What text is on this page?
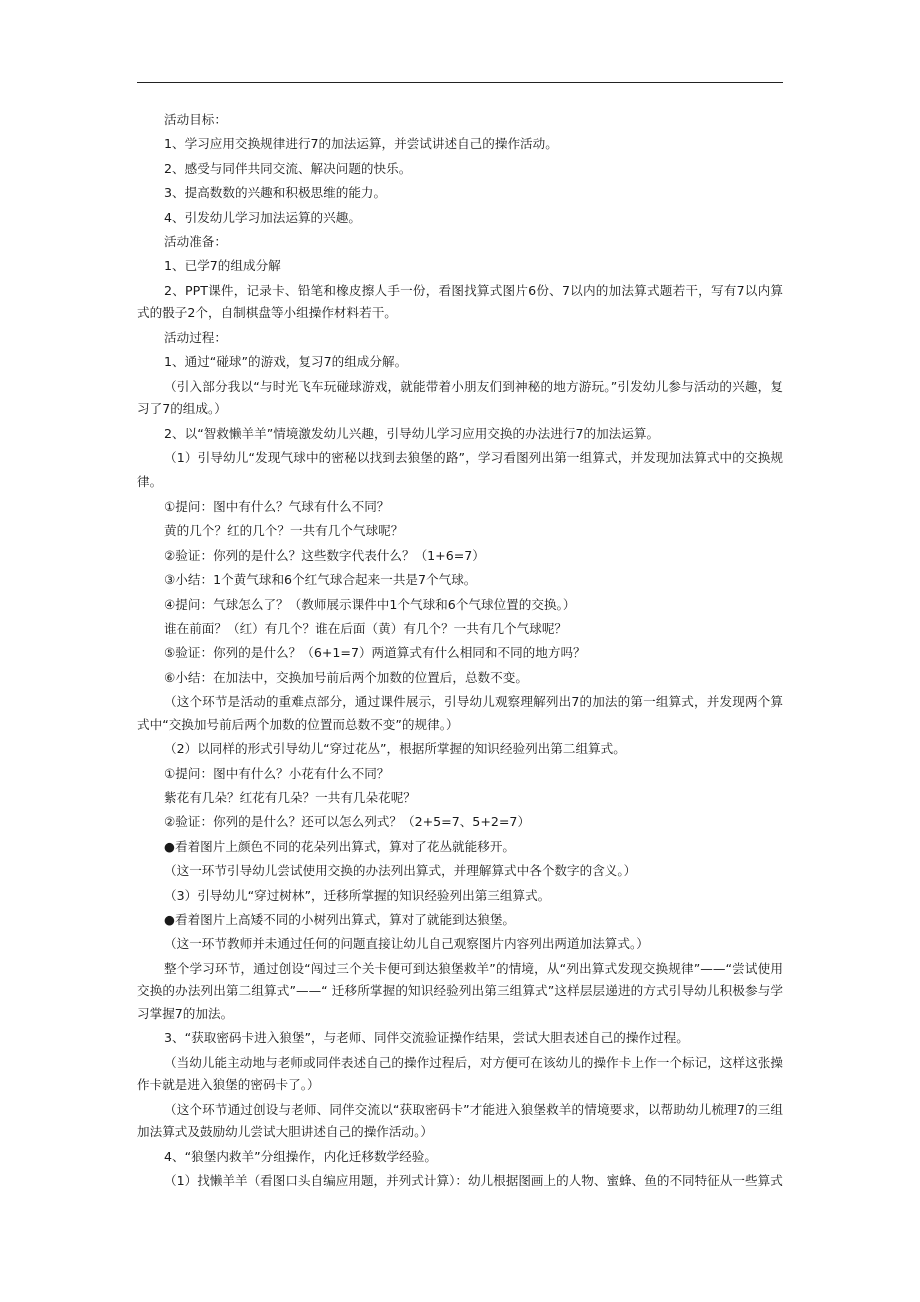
活动目标：

1、学习应用交换规律进行7的加法运算，并尝试讲述自己的操作活动。

2、感受与同伴共同交流、解决问题的快乐。

3、提高数数的兴趣和积极思维的能力。

4、引发幼儿学习加法运算的兴趣。

活动准备：

1、已学7的组成分解

2、PPT课件，记录卡、铅笔和橡皮擦人手一份，看图找算式图片6份、7以内的加法算式题若干，写有7以内算式的骰子2个，自制棋盘等小组操作材料若干。

活动过程：

1、通过“碰球”的游戏，复习7的组成分解。

（引入部分我以“与时光飞车玩碰球游戏，就能带着小朋友们到神秘的地方游玩。”引发幼儿参与活动的兴趣，复习了7的组成。）

2、以“智救懒羊羊”情境激发幼儿兴趣，引导幼儿学习应用交换的办法进行7的加法运算。

（1）引导幼儿“发现气球中的密秘以找到去狼堡的路”，学习看图列出第一组算式，并发现加法算式中的交换规律。

①提问：图中有什么？气球有什么不同？

黄的几个？红的几个？一共有几个气球呢？

②验证：你列的是什么？这些数字代表什么？（1+6=7）

③小结：1个黄气球和6个红气球合起来一共是7个气球。

④提问：气球怎么了？（教师展示课件中1个气球和6个气球位置的交换。）

谁在前面？（红）有几个？谁在后面（黄）有几个？一共有几个气球呢？

⑤验证：你列的是什么？（6+1=7）两道算式有什么相同和不同的地方吗？

⑥小结：在加法中，交换加号前后两个加数的位置后，总数不变。

（这个环节是活动的重难点部分，通过课件展示，引导幼儿观察理解列出7的加法的第一组算式，并发现两个算式中“交换加号前后两个加数的位置而总数不变”的规律。）

（2）以同样的形式引导幼儿“穿过花丛”，根据所掌握的知识经验列出第二组算式。

①提问：图中有什么？小花有什么不同？

紫花有几朵？红花有几朵？一共有几朵花呢？

②验证：你列的是什么？还可以怎么列式？（2+5=7、5+2=7）

●看着图片上颜色不同的花朵列出算式，算对了花丛就能移开。

（这一环节引导幼儿尝试使用交换的办法列出算式，并理解算式中各个数字的含义。）

（3）引导幼儿“穿过树林”，迁移所掌握的知识经验列出第三组算式。

●看着图片上高矮不同的小树列出算式，算对了就能到达狼堡。

（这一环节教师并未通过任何的问题直接让幼儿自己观察图片内容列出两道加法算式。）

整个学习环节，通过创设“闯过三个关卡便可到达狼堡救羊”的情境，从“列出算式发现交换规律”——“尝试使用交换的办法列出第二组算式”——“ 迁移所掌握的知识经验列出第三组算式”这样层层递进的方式引导幼儿积极参与学习掌握7的加法。

3、“获取密码卡进入狼堡”，与老师、同伴交流验证操作结果，尝试大胆表述自己的操作过程。

（当幼儿能主动地与老师或同伴表述自己的操作过程后，对方便可在该幼儿的操作卡上作一个标记，这样这张操作卡就是进入狼堡的密码卡了。）

（这个环节通过创设与老师、同伴交流以“获取密码卡”才能进入狼堡救羊的情境要求，以帮助幼儿梳理7的三组加法算式及鼓励幼儿尝试大胆讲述自己的操作活动。）

4、“狼堡内救羊”分组操作，内化迁移数学经验。

（1）找懒羊羊（看图口头自编应用题，并列式计算）：幼儿根据图画上的人物、蜜蜂、鱼的不同特征从一些算式
